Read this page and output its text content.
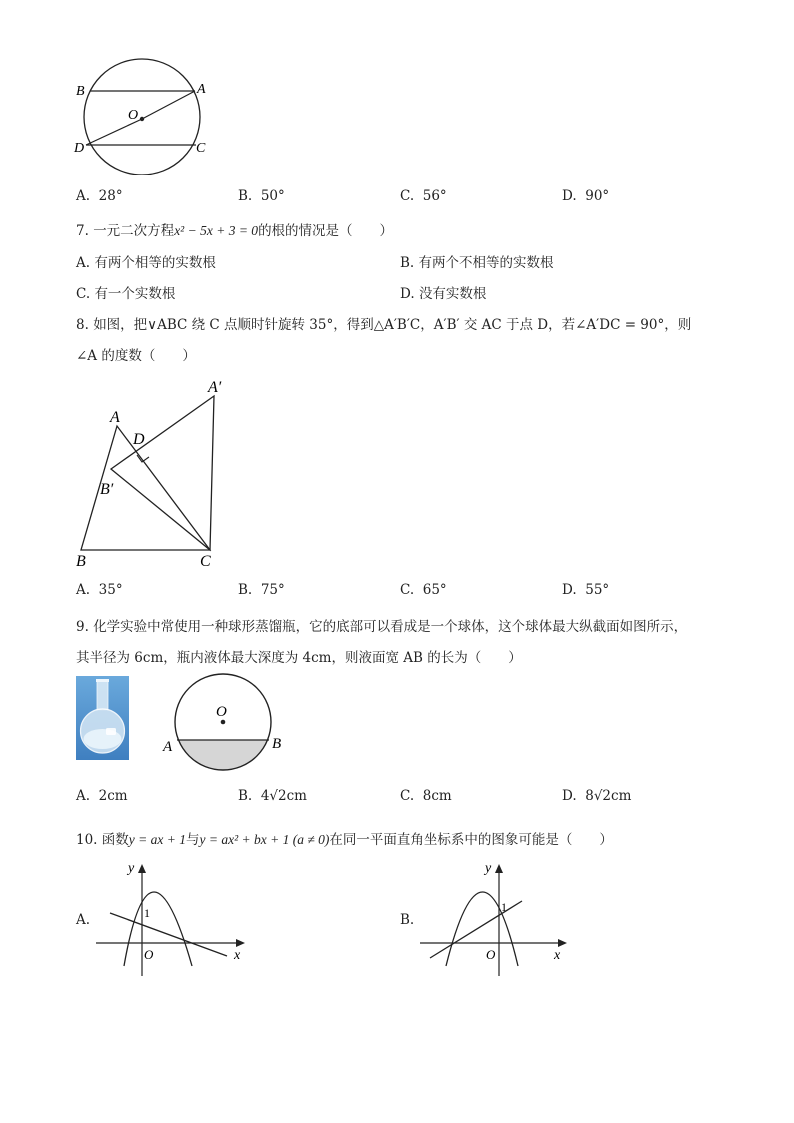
B	A
O
D	C
A. 28°	B. 50°	C. 56°	D. 90°
7. 一元二次方程x² − 5x + 3 = 0的根的情况是（　　）
A. 有两个相等的实数根	B. 有两个不相等的实数根
C. 有一个实数根	D. 没有实数根
8. 如图，把∨ABC 绕 C 点顺时针旋转 35°，得到△A′B′C，A′B′ 交 AC 于点 D，若∠A′DC = 90°，则
∠A 的度数（　　）
A
A′
D
B′
B	C
A. 35°	B. 75°	C. 65°	D. 55°
9. 化学实验中常使用一种球形蒸馏瓶，它的底部可以看成是一个球体，这个球体最大纵截面如图所示，
其半径为 6cm，瓶内液体最大深度为 4cm，则液面宽 AB 的长为（　　）
O
A	B
A. 2cm	B. 4√2cm	C. 8cm	D. 8√2cm
10. 函数y = ax + 1与y = ax² + bx + 1 (a ≠ 0)在同一平面直角坐标系中的图象可能是（　　）
A.
y
x
O
1	B.
y
x
O
1
